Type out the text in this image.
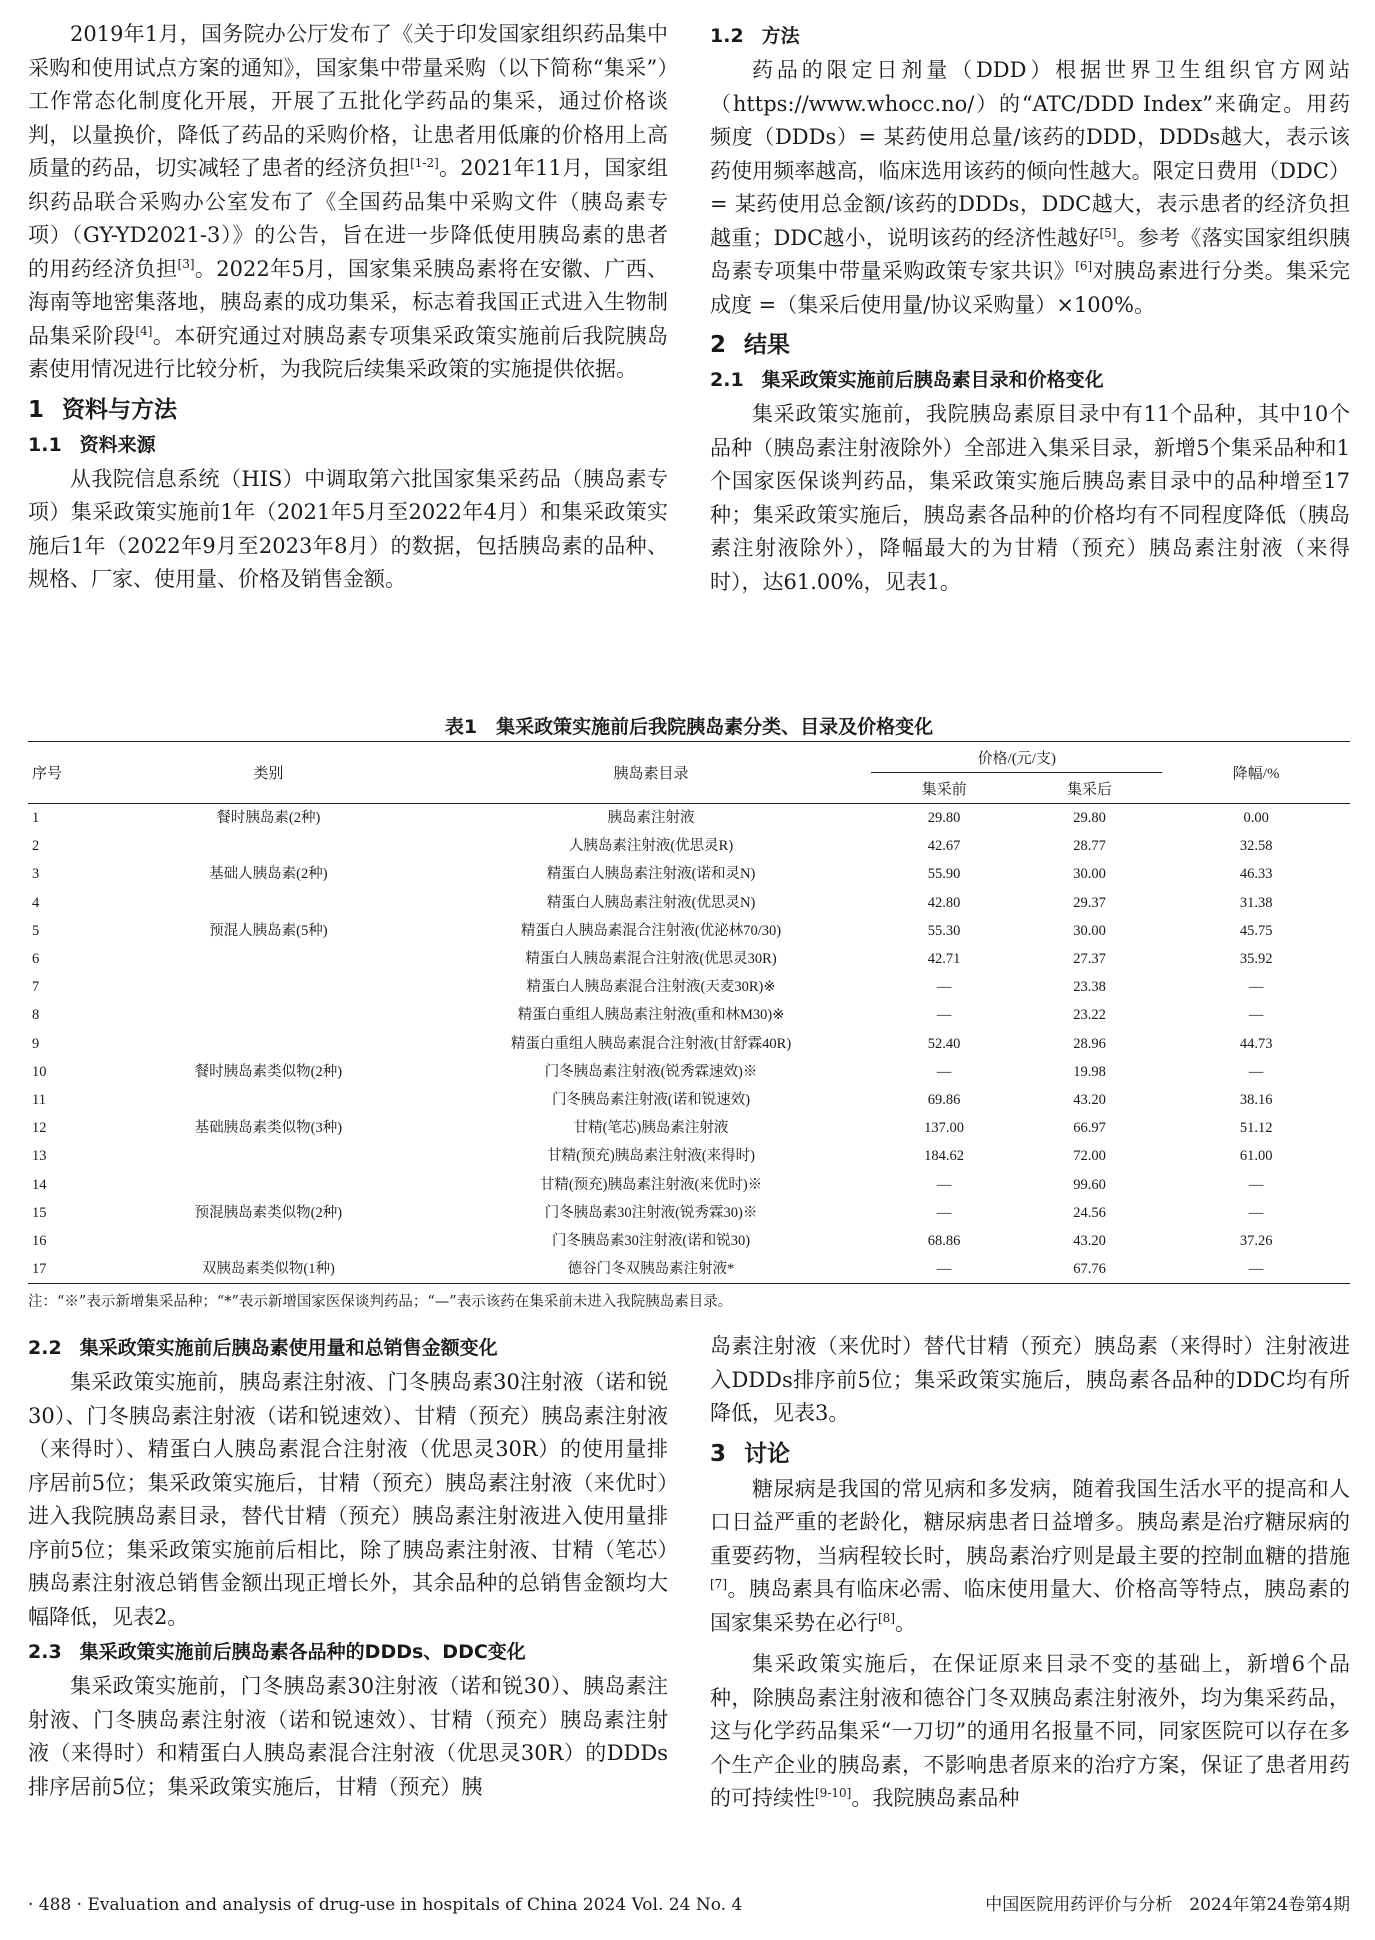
2019年1月，国务院办公厅发布了《关于印发国家组织药品集中采购和使用试点方案的通知》，国家集中带量采购（以下简称“集采”）工作常态化制度化开展，开展了五批化学药品的集采，通过价格谈判，以量换价，降低了药品的采购价格，让患者用低廉的价格用上高质量的药品，切实减轻了患者的经济负担[1-2]。2021年11月，国家组织药品联合采购办公室发布了《全国药品集中采购文件（胰岛素专项）（GY-YD2021-3）》的公告，旨在进一步降低使用胰岛素的患者的用药经济负担[3]。2022年5月，国家集采胰岛素将在安徽、广西、海南等地密集落地，胰岛素的成功集采，标志着我国正式进入生物制品集采阶段[4]。本研究通过对胰岛素专项集采政策实施前后我院胰岛素使用情况进行比较分析，为我院后续集采政策的实施提供依据。

1 资料与方法
1.1 资料来源

从我院信息系统（HIS）中调取第六批国家集采药品（胰岛素专项）集采政策实施前1年（2021年5月至2022年4月）和集采政策实施后1年（2022年9月至2023年8月）的数据，包括胰岛素的品种、规格、厂家、使用量、价格及销售金额。

1.2 方法

药品的限定日剂量（DDD）根据世界卫生组织官方网站（https://www.whocc.no/）的“ATC/DDD Index”来确定。用药频度（DDDs）= 某药使用总量/该药的DDD，DDDs越大，表示该药使用频率越高，临床选用该药的倾向性越大。限定日费用（DDC）= 某药使用总金额/该药的DDDs，DDC越大，表示患者的经济负担越重；DDC越小，说明该药的经济性越好[5]。参考《落实国家组织胰岛素专项集中带量采购政策专家共识》[6]对胰岛素进行分类。集采完成度 =（集采后使用量/协议采购量）×100%。

2 结果
2.1 集采政策实施前后胰岛素目录和价格变化

集采政策实施前，我院胰岛素原目录中有11个品种，其中10个品种（胰岛素注射液除外）全部进入集采目录，新增5个集采品种和1个国家医保谈判药品，集采政策实施后胰岛素目录中的品种增至17种；集采政策实施后，胰岛素各品种的价格均有不同程度降低（胰岛素注射液除外），降幅最大的为甘精（预充）胰岛素注射液（来得时），达61.00%，见表1。

表1　集采政策实施前后我院胰岛素分类、目录及价格变化
序号	类别	胰岛素目录	价格/(元/支)		降幅/%
			集采前	集采后	
1	餐时胰岛素(2种)	胰岛素注射液	29.80	29.80	0.00
2		人胰岛素注射液(优思灵R)	42.67	28.77	32.58
3	基础人胰岛素(2种)	精蛋白人胰岛素注射液(诺和灵N)	55.90	30.00	46.33
4		精蛋白人胰岛素注射液(优思灵N)	42.80	29.37	31.38
5	预混人胰岛素(5种)	精蛋白人胰岛素混合注射液(优泌林70/30)	55.30	30.00	45.75
6		精蛋白人胰岛素混合注射液(优思灵30R)	42.71	27.37	35.92
7		精蛋白人胰岛素混合注射液(天麦30R)※	—	23.38	—
8		精蛋白重组人胰岛素注射液(重和林M30)※	—	23.22	—
9		精蛋白重组人胰岛素混合注射液(甘舒霖40R)	52.40	28.96	44.73
10	餐时胰岛素类似物(2种)	门冬胰岛素注射液(锐秀霖速效)※	—	19.98	—
11		门冬胰岛素注射液(诺和锐速效)	69.86	43.20	38.16
12	基础胰岛素类似物(3种)	甘精(笔芯)胰岛素注射液	137.00	66.97	51.12
13		甘精(预充)胰岛素注射液(来得时)	184.62	72.00	61.00
14		甘精(预充)胰岛素注射液(来优时)※	—	99.60	—
15	预混胰岛素类似物(2种)	门冬胰岛素30注射液(锐秀霖30)※	—	24.56	—
16		门冬胰岛素30注射液(诺和锐30)	68.86	43.20	37.26
17	双胰岛素类似物(1种)	德谷门冬双胰岛素注射液*	—	67.76	—
注：“※”表示新增集采品种；“*”表示新增国家医保谈判药品；“—”表示该药在集采前未进入我院胰岛素目录。
2.2 集采政策实施前后胰岛素使用量和总销售金额变化

集采政策实施前，胰岛素注射液、门冬胰岛素30注射液（诺和锐30）、门冬胰岛素注射液（诺和锐速效）、甘精（预充）胰岛素注射液（来得时）、精蛋白人胰岛素混合注射液（优思灵30R）的使用量排序居前5位；集采政策实施后，甘精（预充）胰岛素注射液（来优时）进入我院胰岛素目录，替代甘精（预充）胰岛素注射液进入使用量排序前5位；集采政策实施前后相比，除了胰岛素注射液、甘精（笔芯）胰岛素注射液总销售金额出现正增长外，其余品种的总销售金额均大幅降低，见表2。

2.3 集采政策实施前后胰岛素各品种的DDDs、DDC变化

集采政策实施前，门冬胰岛素30注射液（诺和锐30）、胰岛素注射液、门冬胰岛素注射液（诺和锐速效）、甘精（预充）胰岛素注射液（来得时）和精蛋白人胰岛素混合注射液（优思灵30R）的DDDs排序居前5位；集采政策实施后，甘精（预充）胰

岛素注射液（来优时）替代甘精（预充）胰岛素（来得时）注射液进入DDDs排序前5位；集采政策实施后，胰岛素各品种的DDC均有所降低，见表3。

3 讨论

糖尿病是我国的常见病和多发病，随着我国生活水平的提高和人口日益严重的老龄化，糖尿病患者日益增多。胰岛素是治疗糖尿病的重要药物，当病程较长时，胰岛素治疗则是最主要的控制血糖的措施[7]。胰岛素具有临床必需、临床使用量大、价格高等特点，胰岛素的国家集采势在必行[8]。

集采政策实施后，在保证原来目录不变的基础上，新增6个品种，除胰岛素注射液和德谷门冬双胰岛素注射液外，均为集采药品，这与化学药品集采“一刀切”的通用名报量不同，同家医院可以存在多个生产企业的胰岛素，不影响患者原来的治疗方案，保证了患者用药的可持续性[9-10]。我院胰岛素品种

· 488 · Evaluation and analysis of drug-use in hospitals of China 2024 Vol. 24 No. 4	中国医院用药评价与分析　2024年第24卷第4期
